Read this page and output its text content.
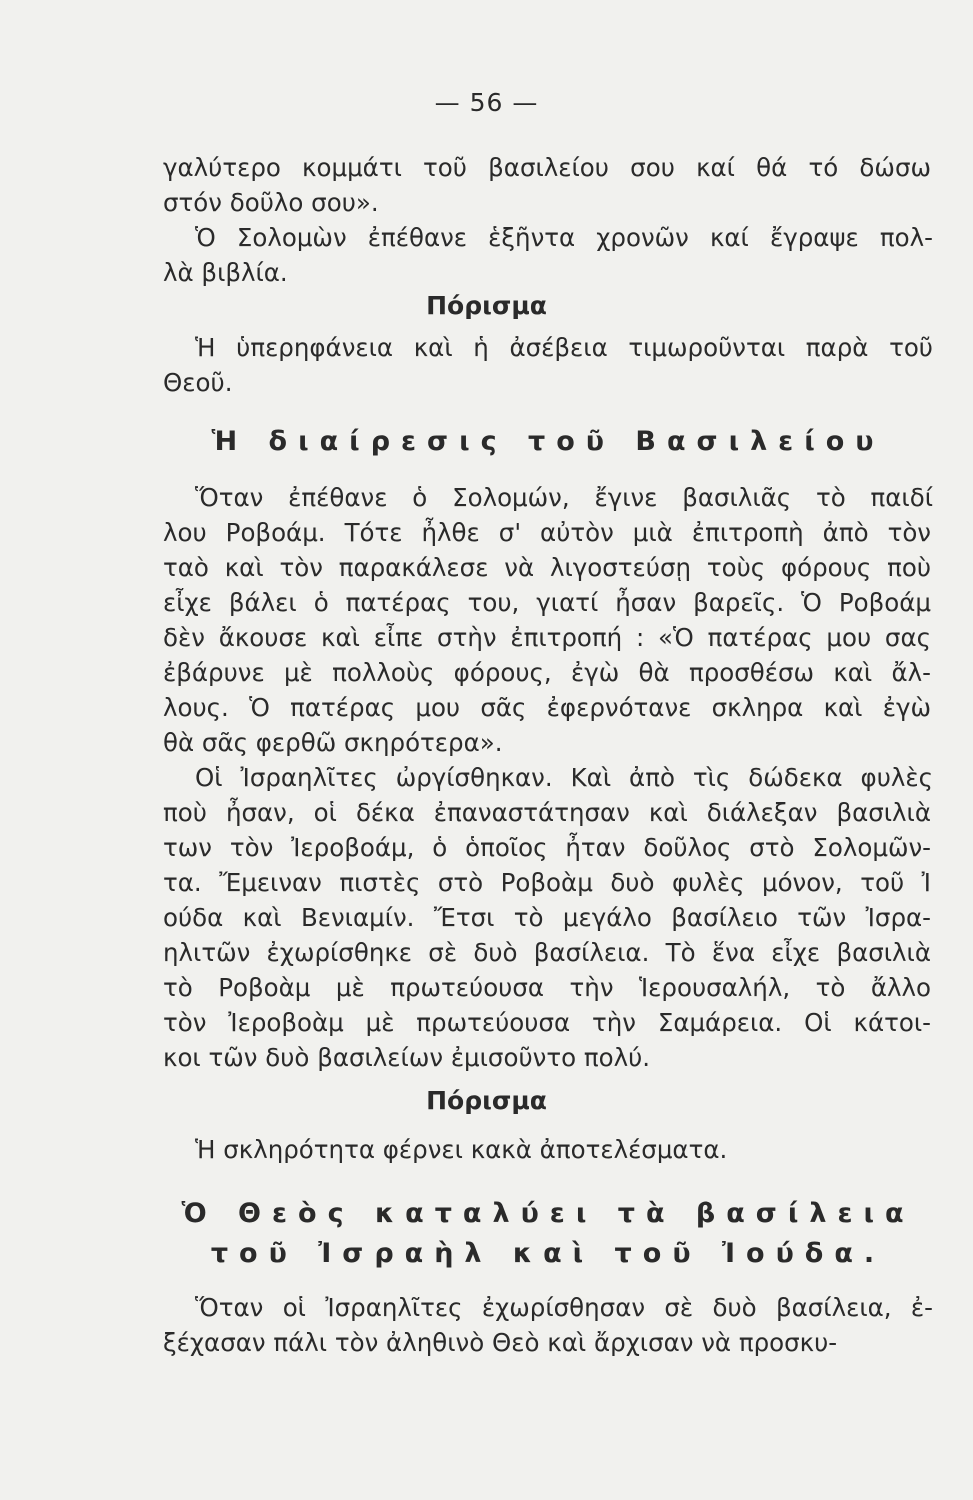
— 56 —
γαλύτερο κομμάτι τοῦ βασιλείου σου καί θά τό δώσω
στόν δοῦλο σου».
Ὁ Σολομὼν ἐπέθανε ἑξῆντα χρονῶν καί ἔγραψε πολ-
λὰ βιβλία.
Πόρισμα
Ἡ ὑπερηφάνεια καὶ ἡ ἀσέβεια τιμωροῦνται παρὰ τοῦ
Θεοῦ.
Ἡ διαίρεσις τοῦ Βασιλείου
Ὅταν ἐπέθανε ὁ Σολομών, ἔγινε βασιλιᾶς τὸ παιδί
λου Ροβοάμ. Τότε ἦλθε σ' αὐτὸν μιὰ ἐπιτροπὴ ἀπὸ τὸν
ταὸ καὶ τὸν παρακάλεσε νὰ λιγοστεύσῃ τοὺς φόρους ποὺ
εἶχε βάλει ὁ πατέρας του, γιατί ἦσαν βαρεῖς. Ὁ Ροβοάμ
δὲν ἄκουσε καὶ εἶπε στὴν ἐπιτροπή : «Ὁ πατέρας μου σας
ἐβάρυνε μὲ πολλοὺς φόρους, ἐγὼ θὰ προσθέσω καὶ ἄλ-
λους. Ὁ πατέρας μου σᾶς ἐφερνότανε σκληρα καὶ ἐγὼ
θὰ σᾶς φερθῶ σκηρότερα».
Οἱ Ἰσραηλῖτες ὠργίσθηκαν. Καὶ ἀπὸ τὶς δώδεκα φυλὲς
ποὺ ἦσαν, οἱ δέκα ἐπαναστάτησαν καὶ διάλεξαν βασιλιὰ
των τὸν Ἰεροβοάμ, ὁ ὁποῖος ἦταν δοῦλος στὸ Σολομῶν-
τα. Ἔμειναν πιστὲς στὸ Ροβοὰμ δυὸ φυλὲς μόνον, τοῦ Ἰ
ούδα καὶ Βενιαμίν. Ἔτσι τὸ μεγάλο βασίλειο τῶν Ἰσρα-
ηλιτῶν ἐχωρίσθηκε σὲ δυὸ βασίλεια. Τὸ ἕνα εἶχε βασιλιὰ
τὸ Ροβοὰμ μὲ πρωτεύουσα τὴν Ἱερουσαλήλ, τὸ ἄλλο
τὸν Ἰεροβοὰμ μὲ πρωτεύουσα τὴν Σαμάρεια. Οἱ κάτοι-
κοι τῶν δυὸ βασιλείων ἐμισοῦντο πολύ.
Πόρισμα
Ἡ σκληρότητα φέρνει κακὰ ἀποτελέσματα.
Ὁ Θεὸς καταλύει τὰ βασίλεια
τοῦ Ἰσραὴλ καὶ τοῦ Ἰούδα.
Ὅταν οἱ Ἰσραηλῖτες ἐχωρίσθησαν σὲ δυὸ βασίλεια, ἐ-
ξέχασαν πάλι τὸν ἀληθινὸ Θεὸ καὶ ἄρχισαν νὰ προσκυ-
